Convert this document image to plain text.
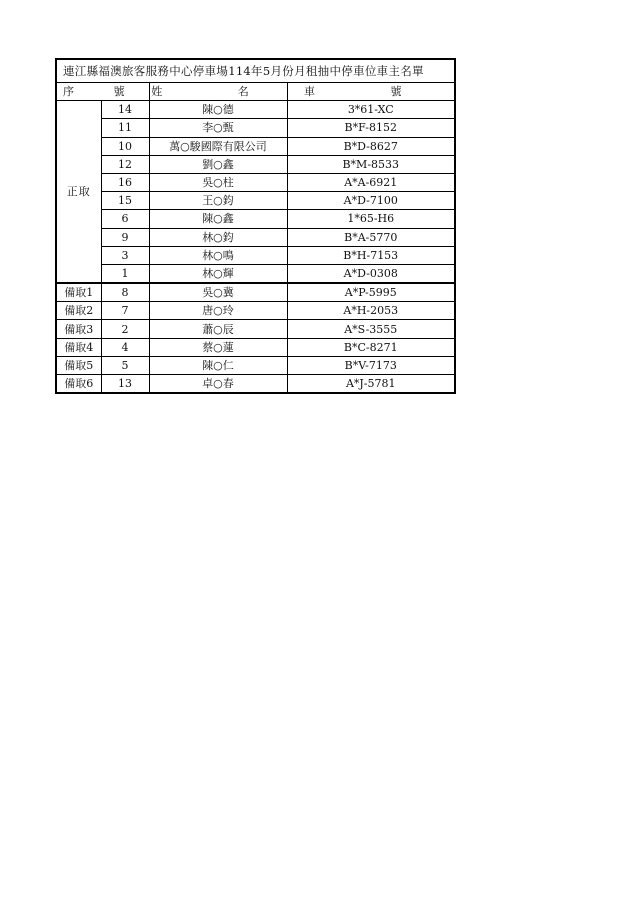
連江縣福澳旅客服務中心停車場114年5月份月租抽中停車位車主名單
序 號		姓 名	車 號
正取	14	陳○德	3*61-XC
	11	李○甄	B*F-8152
	10	萬○駿國際有限公司	B*D-8627
	12	劉○鑫	B*M-8533
	16	吳○柱	A*A-6921
	15	王○鈞	A*D-7100
	6	陳○鑫	1*65-H6
	9	林○鈞	B*A-5770
	3	林○鳴	B*H-7153
	1	林○輝	A*D-0308
備取1	8	吳○冀	A*P-5995
備取2	7	唐○玲	A*H-2053
備取3	2	蕭○辰	A*S-3555
備取4	4	蔡○蓮	B*C-8271
備取5	5	陳○仁	B*V-7173
備取6	13	卓○春	A*J-5781
